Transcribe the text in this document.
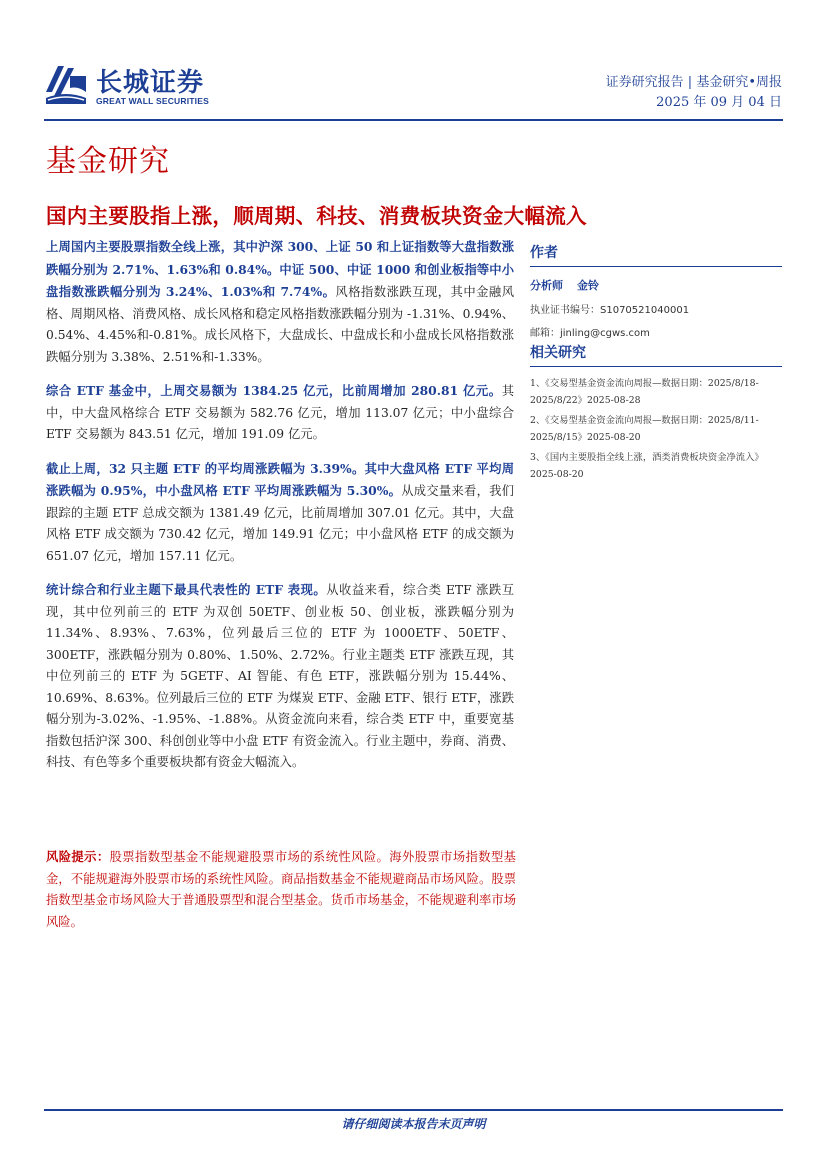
长城证券
GREAT WALL SECURITIES
证券研究报告 | 基金研究•周报
2025 年 09 月 04 日
基金研究
国内主要股指上涨，顺周期、科技、消费板块资金大幅流入

上周国内主要股票指数全线上涨，其中沪深 300、上证 50 和上证指数等大盘指数涨跌幅分别为 2.71%、1.63%和 0.84%。中证 500、中证 1000 和创业板指等中小盘指数涨跌幅分别为 3.24%、1.03%和 7.74%。风格指数涨跌互现，其中金融风格、周期风格、消费风格、成长风格和稳定风格指数涨跌幅分别为 -1.31%、0.94%、0.54%、4.45%和-0.81%。成长风格下，大盘成长、中盘成长和小盘成长风格指数涨跌幅分别为 3.38%、2.51%和-1.33%。

综合 ETF 基金中，上周交易额为 1384.25 亿元，比前周增加 280.81 亿元。其中，中大盘风格综合 ETF 交易额为 582.76 亿元，增加 113.07 亿元；中小盘综合 ETF 交易额为 843.51 亿元，增加 191.09 亿元。

截止上周，32 只主题 ETF 的平均周涨跌幅为 3.39%。其中大盘风格 ETF 平均周涨跌幅为 0.95%，中小盘风格 ETF 平均周涨跌幅为 5.30%。从成交量来看，我们跟踪的主题 ETF 总成交额为 1381.49 亿元，比前周增加 307.01 亿元。其中，大盘风格 ETF 成交额为 730.42 亿元，增加 149.91 亿元；中小盘风格 ETF 的成交额为 651.07 亿元，增加 157.11 亿元。

统计综合和行业主题下最具代表性的 ETF 表现。从收益来看，综合类 ETF 涨跌互现，其中位列前三的 ETF 为双创 50ETF、创业板 50、创业板，涨跌幅分别为 11.34%、8.93%、7.63%，位列最后三位的 ETF 为 1000ETF、50ETF、300ETF，涨跌幅分别为 0.80%、1.50%、2.72%。行业主题类 ETF 涨跌互现，其中位列前三的 ETF 为 5GETF、AI 智能、有色 ETF，涨跌幅分别为 15.44%、10.69%、8.63%。位列最后三位的 ETF 为煤炭 ETF、金融 ETF、银行 ETF，涨跌幅分别为-3.02%、-1.95%、-1.88%。从资金流向来看，综合类 ETF 中，重要宽基指数包括沪深 300、科创创业等中小盘 ETF 有资金流入。行业主题中，券商、消费、科技、有色等多个重要板块都有资金大幅流入。

风险提示：股票指数型基金不能规避股票市场的系统性风险。海外股票市场指数型基金，不能规避海外股票市场的系统性风险。商品指数基金不能规避商品市场风险。股票指数型基金市场风险大于普通股票型和混合型基金。货币市场基金，不能规避利率市场风险。
作者
分析师 金铃
执业证书编号：S1070521040001
邮箱：jinling@cgws.com
相关研究
1、《交易型基金资金流向周报—数据日期：2025/8/18-2025/8/22》2025-08-28
2、《交易型基金资金流向周报—数据日期：2025/8/11-2025/8/15》2025-08-20
3、《国内主要股指全线上涨，酒类消费板块资金净流入》2025-08-20
请仔细阅读本报告末页声明
